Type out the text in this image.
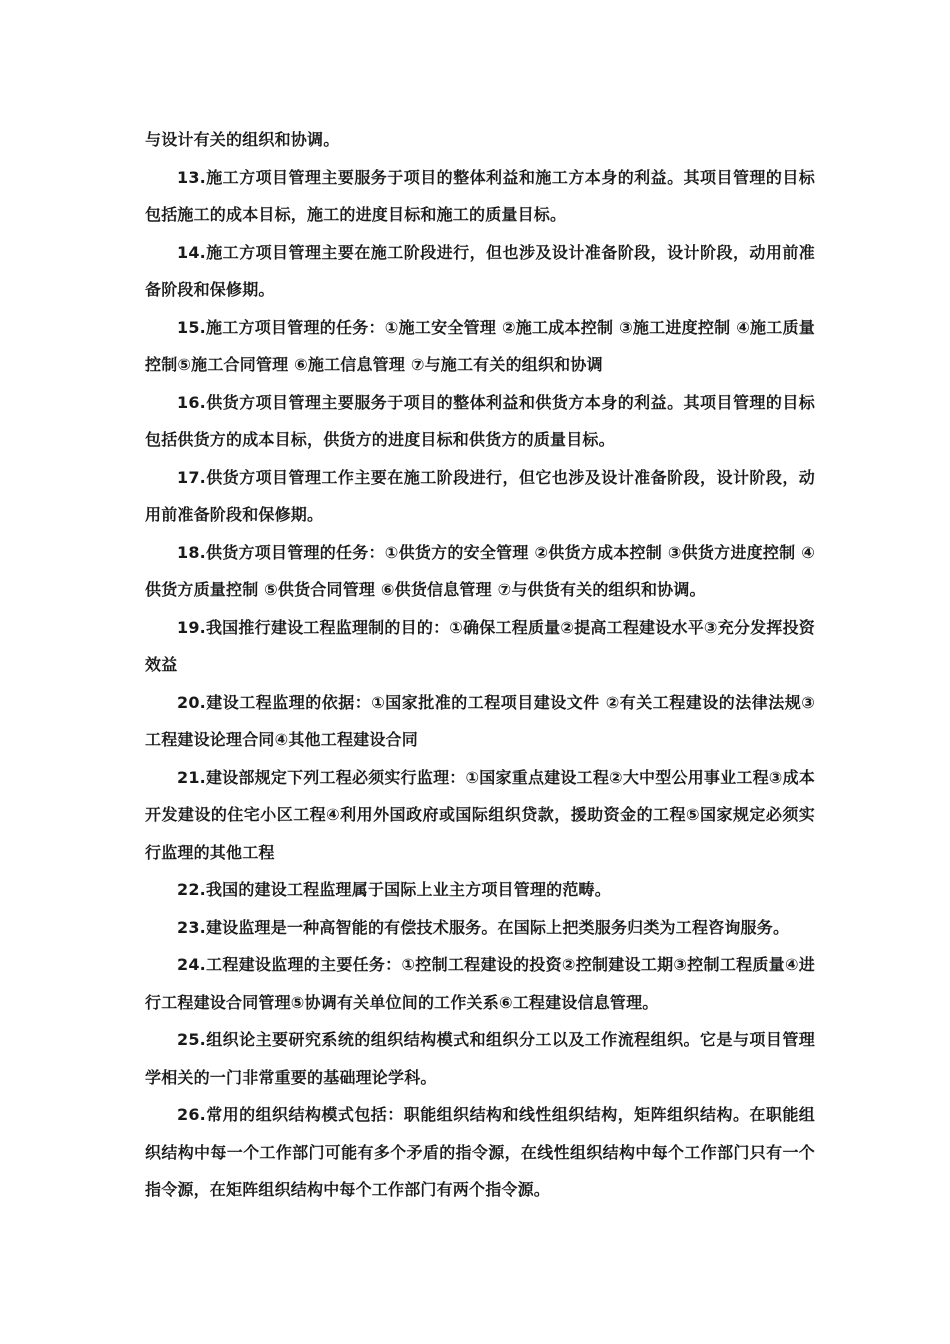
与设计有关的组织和协调。

13.施工方项目管理主要服务于项目的整体利益和施工方本身的利益。其项目管理的目标包括施工的成本目标，施工的进度目标和施工的质量目标。

14.施工方项目管理主要在施工阶段进行，但也涉及设计准备阶段，设计阶段，动用前准备阶段和保修期。

15.施工方项目管理的任务：①施工安全管理 ②施工成本控制 ③施工进度控制 ④施工质量控制⑤施工合同管理 ⑥施工信息管理 ⑦与施工有关的组织和协调

16.供货方项目管理主要服务于项目的整体利益和供货方本身的利益。其项目管理的目标包括供货方的成本目标，供货方的进度目标和供货方的质量目标。

17.供货方项目管理工作主要在施工阶段进行，但它也涉及设计准备阶段，设计阶段，动用前准备阶段和保修期。

18.供货方项目管理的任务：①供货方的安全管理 ②供货方成本控制 ③供货方进度控制 ④供货方质量控制 ⑤供货合同管理 ⑥供货信息管理 ⑦与供货有关的组织和协调。

19.我国推行建设工程监理制的目的：①确保工程质量②提高工程建设水平③充分发挥投资效益

20.建设工程监理的依据：①国家批准的工程项目建设文件 ②有关工程建设的法律法规③工程建设论理合同④其他工程建设合同

21.建设部规定下列工程必须实行监理：①国家重点建设工程②大中型公用事业工程③成本开发建设的住宅小区工程④利用外国政府或国际组织贷款，援助资金的工程⑤国家规定必须实行监理的其他工程

22.我国的建设工程监理属于国际上业主方项目管理的范畴。

23.建设监理是一种高智能的有偿技术服务。在国际上把类服务归类为工程咨询服务。

24.工程建设监理的主要任务：①控制工程建设的投资②控制建设工期③控制工程质量④进行工程建设合同管理⑤协调有关单位间的工作关系⑥工程建设信息管理。

25.组织论主要研究系统的组织结构模式和组织分工以及工作流程组织。它是与项目管理学相关的一门非常重要的基础理论学科。

26.常用的组织结构模式包括：职能组织结构和线性组织结构，矩阵组织结构。在职能组织结构中每一个工作部门可能有多个矛盾的指令源，在线性组织结构中每个工作部门只有一个指令源，在矩阵组织结构中每个工作部门有两个指令源。
